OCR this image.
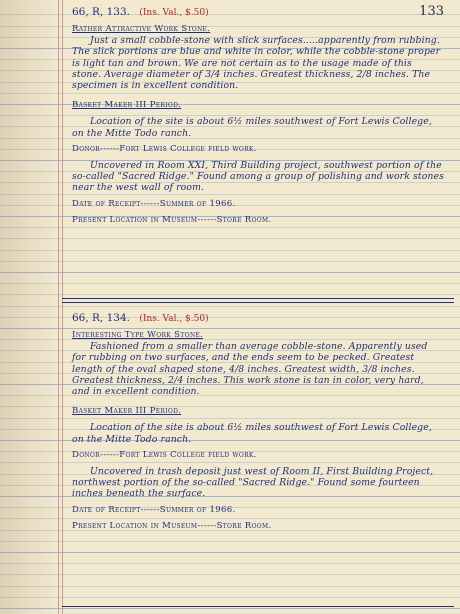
133

66, R, 133. (Ins. Val., $.50)

Rather Attractive Work Stone.

Just a small cobble-stone with slick surfaces.....apparently from rubbing. The slick portions are blue and white in color, while the cobble-stone proper is light tan and brown. We are not certain as to the usage made of this stone. Average diameter of 3/4 inches. Greatest thickness, 2/8 inches. The specimen is in excellent condition.

Basket Maker III Period.

Location of the site is about 6½ miles southwest of Fort Lewis College, on the Mitte Todo ranch.

Donor------Fort Lewis College field work.

Uncovered in Room XXI, Third Building project, southwest portion of the so-called "Sacred Ridge." Found among a group of polishing and work stones near the west wall of room.

Date of Receipt------Summer of 1966.

Present Location in Museum------Store Room.

66, R, 134. (Ins. Val., $.50)

Interesting Type Work Stone.

Fashioned from a smaller than average cobble-stone. Apparently used for rubbing on two surfaces, and the ends seem to be pecked. Greatest length of the oval shaped stone, 4/8 inches. Greatest width, 3/8 inches. Greatest thickness, 2/4 inches. This work stone is tan in color, very hard, and in excellent condition.

Basket Maker III Period.

Location of the site is about 6½ miles southwest of Fort Lewis College, on the Mitte Todo ranch.

Donor------Fort Lewis College field work.

Uncovered in trash deposit just west of Room II, First Building Project, northwest portion of the so-called "Sacred Ridge." Found some fourteen inches beneath the surface.

Date of Receipt------Summer of 1966.

Present Location in Museum------Store Room.
